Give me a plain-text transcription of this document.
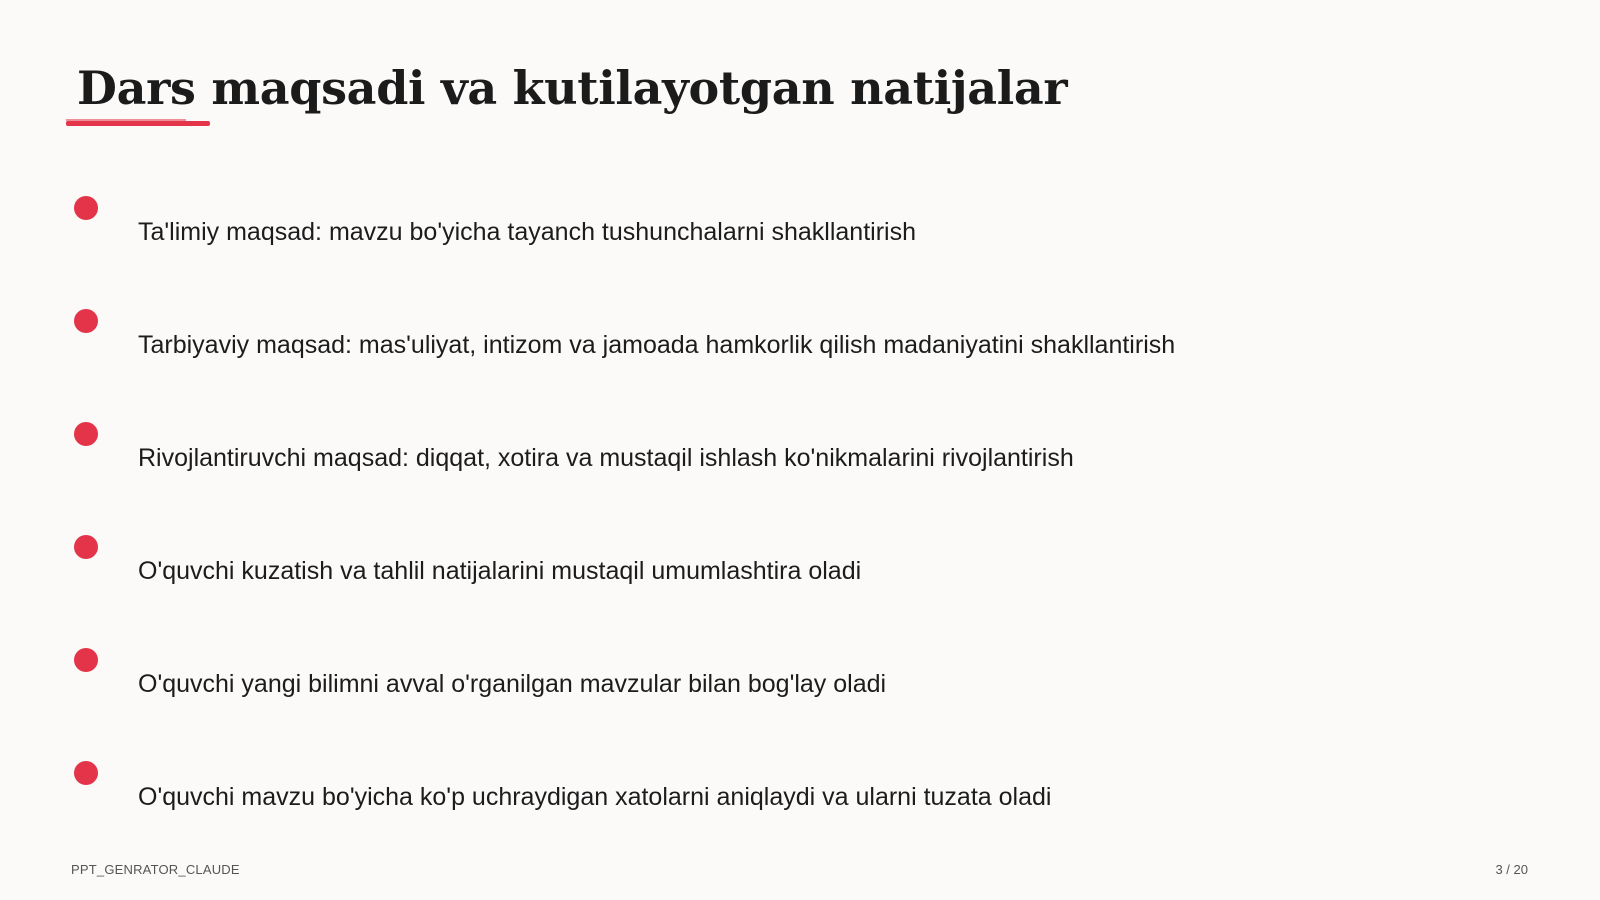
Dars maqsadi va kutilayotgan natijalar
Ta'limiy maqsad: mavzu bo'yicha tayanch tushunchalarni shakllantirish
Tarbiyaviy maqsad: mas'uliyat, intizom va jamoada hamkorlik qilish madaniyatini shakllantirish
Rivojlantiruvchi maqsad: diqqat, xotira va mustaqil ishlash ko'nikmalarini rivojlantirish
O'quvchi kuzatish va tahlil natijalarini mustaqil umumlashtira oladi
O'quvchi yangi bilimni avval o'rganilgan mavzular bilan bog'lay oladi
O'quvchi mavzu bo'yicha ko'p uchraydigan xatolarni aniqlaydi va ularni tuzata oladi
PPT_GENRATOR_CLAUDE	3 / 20
